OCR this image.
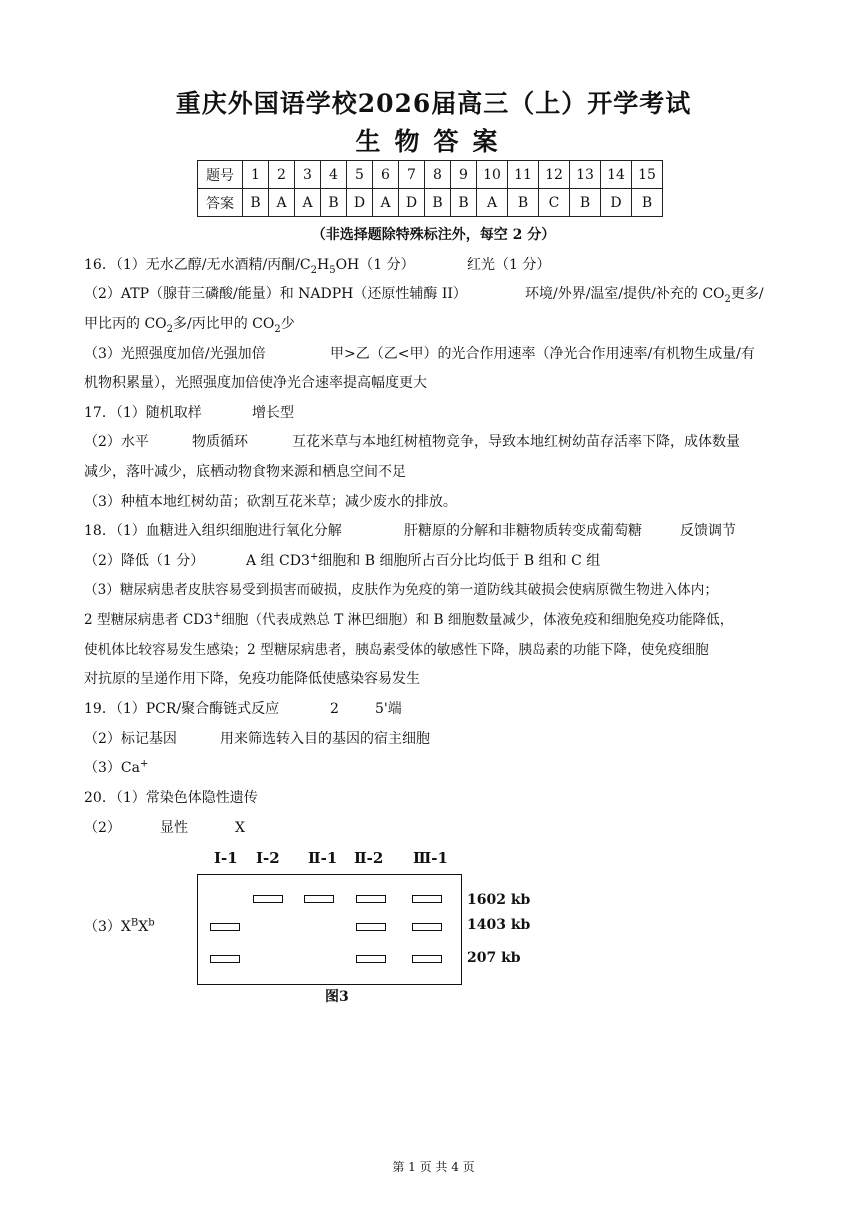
重庆外国语学校2026届高三（上）开学考试
生物答案
题号	1	2	3	4	5	6	7	8	9	10	11	12	13	14	15
答案	B	A	A	B	D	A	D	B	B	A	B	C	B	D	B
（非选择题除特殊标注外，每空 2 分）
16．（1）无水乙醇/无水酒精/丙酮$/C_2H_5OH(1$ 分）	红光（1 分）
（2）ATP（腺苷三磷酸/能量）和 NADPH（还原性辅酶 II）	环境/外界/温室/提供/补充的 $CO_2$更多/
甲比丙的 $CO_2$多/丙比甲的 $CO_2$少
（3）光照强度加倍/光强加倍	甲>乙（乙<甲）的光合作用速率（净光合作用速率/有机物生成量/有
机物积累量），光照强度加倍使净光合速率提高幅度更大
17．（1）随机取样	增长型
（2）水平	物质循环	互花米草与本地红树植物竞争，导致本地红树幼苗存活率下降，成体数量
减少，落叶减少，底栖动物食物来源和栖息空间不足
（3）种植本地红树幼苗；砍割互花米草；减少废水的排放。
18．（1）血糖进入组织细胞进行氧化分解	肝糖原的分解和非糖物质转变成葡萄糖	反馈调节
（2）降低（1 分）	A 组 CD3+细胞和 B 细胞所占百分比均低于 B 组和 C 组
（3）糖尿病患者皮肤容易受到损害而破损，皮肤作为免疫的第一道防线其破损会使病原微生物进入体内；
2 型糖尿病患者 CD3+细胞（代表成熟总 T 淋巴细胞）和 B 细胞数量减少，体液免疫和细胞免疫功能降低，
使机体比较容易发生感染；2 型糖尿病患者，胰岛素受体的敏感性下降，胰岛素的功能下降，使免疫细胞
对抗原的呈递作用下降，免疫功能降低使感染容易发生
19．（1）PCR/聚合酶链式反应	2	5'端
（2）标记基因	用来筛选转入目的基因的宿主细胞
（3）Ca+
20．（1）常染色体隐性遗传
（2）	显性	X
$(3)X^BX^b$
Ⅰ-1 Ⅰ-2 Ⅱ-1 Ⅱ-2 Ⅲ-1
1602 kb
1403 kb
207 kb
图3
第 1 页 共 4 页
